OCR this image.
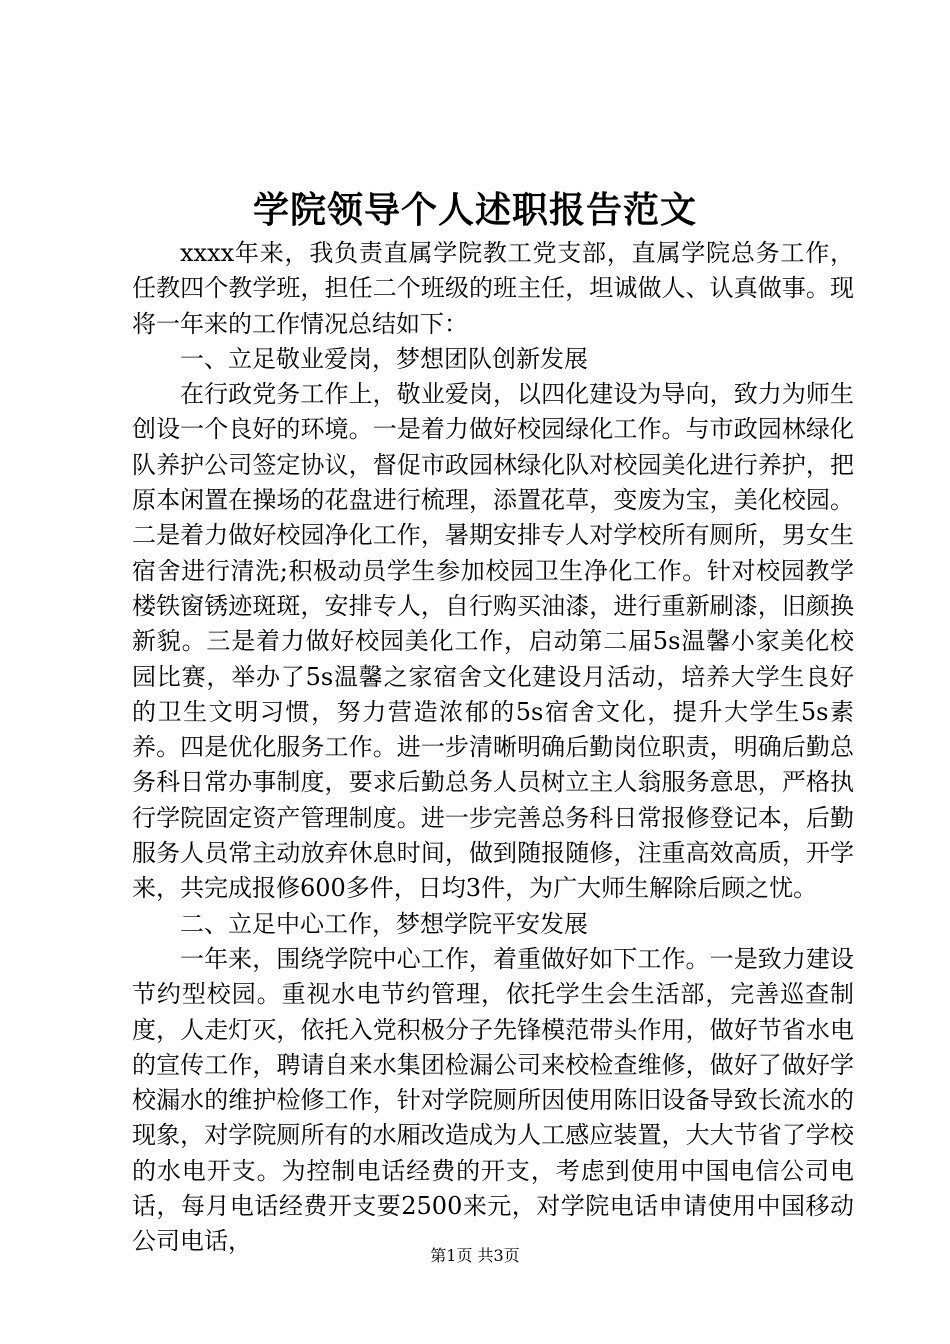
学院领导个人述职报告范文

xxxx年来，我负责直属学院教工党支部，直属学院总务工作，任教四个教学班，担任二个班级的班主任，坦诚做人、认真做事。现将一年来的工作情况总结如下：

一、立足敬业爱岗，梦想团队创新发展

在行政党务工作上，敬业爱岗，以四化建设为导向，致力为师生创设一个良好的环境。一是着力做好校园绿化工作。与市政园林绿化队养护公司签定协议，督促市政园林绿化队对校园美化进行养护，把原本闲置在操场的花盘进行梳理，添置花草，变废为宝，美化校园。二是着力做好校园净化工作，暑期安排专人对学校所有厕所，男女生宿舍进行清洗;积极动员学生参加校园卫生净化工作。针对校园教学楼铁窗锈迹斑斑，安排专人，自行购买油漆，进行重新刷漆，旧颜换新貌。三是着力做好校园美化工作，启动第二届5s温馨小家美化校园比赛，举办了5s温馨之家宿舍文化建设月活动，培养大学生良好的卫生文明习惯，努力营造浓郁的5s宿舍文化，提升大学生5s素养。四是优化服务工作。进一步清晰明确后勤岗位职责，明确后勤总务科日常办事制度，要求后勤总务人员树立主人翁服务意思，严格执行学院固定资产管理制度。进一步完善总务科日常报修登记本，后勤服务人员常主动放弃休息时间，做到随报随修，注重高效高质，开学来，共完成报修600多件，日均3件，为广大师生解除后顾之忧。

二、立足中心工作，梦想学院平安发展

一年来，围绕学院中心工作，着重做好如下工作。一是致力建设节约型校园。重视水电节约管理，依托学生会生活部，完善巡查制度，人走灯灭，依托入党积极分子先锋模范带头作用，做好节省水电的宣传工作，聘请自来水集团检漏公司来校检查维修，做好了做好学校漏水的维护检修工作，针对学院厕所因使用陈旧设备导致长流水的现象，对学院厕所有的水厢改造成为人工感应装置，大大节省了学校的水电开支。为控制电话经费的开支，考虑到使用中国电信公司电话，每月电话经费开支要2500来元，对学院电话申请使用中国移动公司电话，

第1页 共3页
